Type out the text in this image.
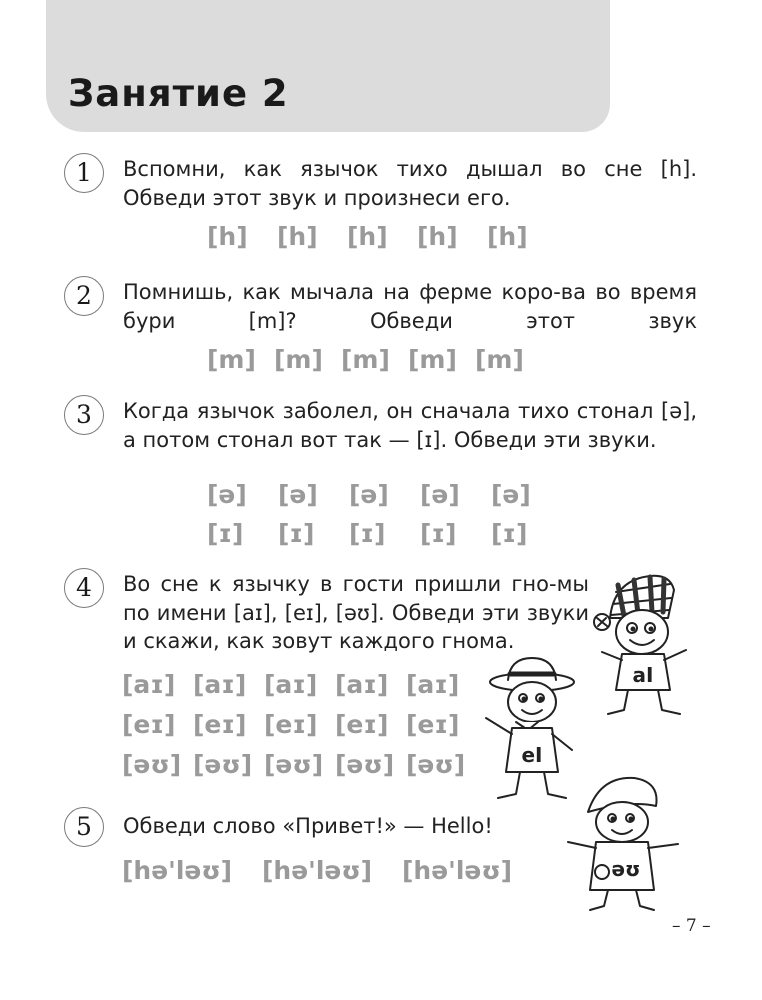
Занятие 2
1	Вспомни, как язычок тихо дышал во сне [h]. Обведи этот звук и произнеси его.
[h]	[h]	[h]	[h]	[h]
2	Помнишь, как мычала на ферме коро-ва во время бури [m]? Обведи этот звук
[m] [m] [m] [m] [m]
3	Когда язычок заболел, он сначала тихо стонал [ə], а потом стонал вот так — [ɪ]. Обведи эти звуки.
[ə]	[ə]	[ə]	[ə]	[ə]
[ɪ]	[ɪ]	[ɪ]	[ɪ]	[ɪ]
4	Во сне к язычку в гости пришли гно-мы по имени [aɪ], [eɪ], [əʊ]. Обведи эти звуки и скажи, как зовут каждого гнома.
[aɪ] [aɪ] [aɪ] [aɪ] [aɪ]
[eɪ] [eɪ] [eɪ] [eɪ] [eɪ]
[əʊ] [əʊ] [əʊ] [əʊ] [əʊ]
5	Обведи слово «Привет!» — Hello!
[hə'ləʊ]	[hə'ləʊ]	[hə'ləʊ]
aI
eI
əʊ
– 7 –
